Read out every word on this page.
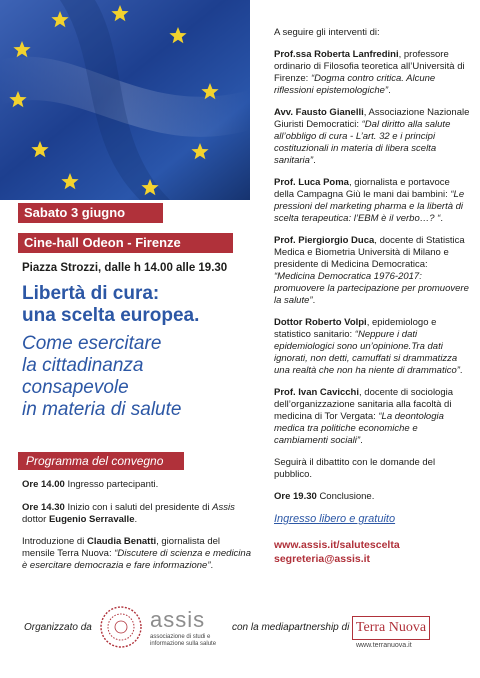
Sabato 3 giugno
Cine-hall Odeon - Firenze
Piazza Strozzi, dalle h 14.00 alle 19.30
Libertà di cura:
una scelta europea.
Come esercitare
la cittadinanza
consapevole
in materia di salute
Programma del convegno
Ore 14.00 Ingresso partecipanti.
Ore 14.30 Inizio con i saluti del presidente di Assis dottor Eugenio Serravalle.
Introduzione di Claudia Benatti, giornalista del mensile Terra Nuova: “Discutere di scienza e medicina è esercitare democrazia e fare informazione”.

A seguire gli interventi di:

Prof.ssa Roberta Lanfredini, professore ordinario di Filosofia teoretica all’Università di Firenze: “Dogma contro critica. Alcune riflessioni epistemologiche”.

Avv. Fausto Gianelli, Associazione Nazionale Giuristi Democratici: “Dal diritto alla salute all’obbligo di cura - L’art. 32 e i principi costituzionali in materia di libera scelta sanitaria”.

Prof. Luca Poma, giornalista e portavoce della Campagna Giù le mani dai bambini: “Le pressioni del marketing pharma e la libertà di scelta terapeutica: l’EBM è il verbo…? “.

Prof. Piergiorgio Duca, docente di Statistica Medica e Biometria Università di Milano e presidente di Medicina Democratica: “Medicina Democratica 1976-2017: promuovere la partecipazione per promuovere la salute”.

Dottor Roberto Volpi, epidemiologo e statistico sanitario: “Neppure i dati epidemiologici sono un’opinione.Tra dati ignorati, non detti, camuffati si drammatizza una realtà che non ha niente di drammatico”.

Prof. Ivan Cavicchi, docente di sociologia dell’organizzazione sanitaria alla facoltà di medicina di Tor Vergata: “La deontologia medica tra politiche economiche e cambiamenti sociali”.

Seguirà il dibattito con le domande del pubblico.

Ore 19.30 Conclusione.

Ingresso libero e gratuito

www.assis.it/salutescelta
segreteria@assis.it
Organizzato da	assis
associazione di studi e informazione sulla salute
con la mediapartnership di Terra Nuova
www.terranuova.it
